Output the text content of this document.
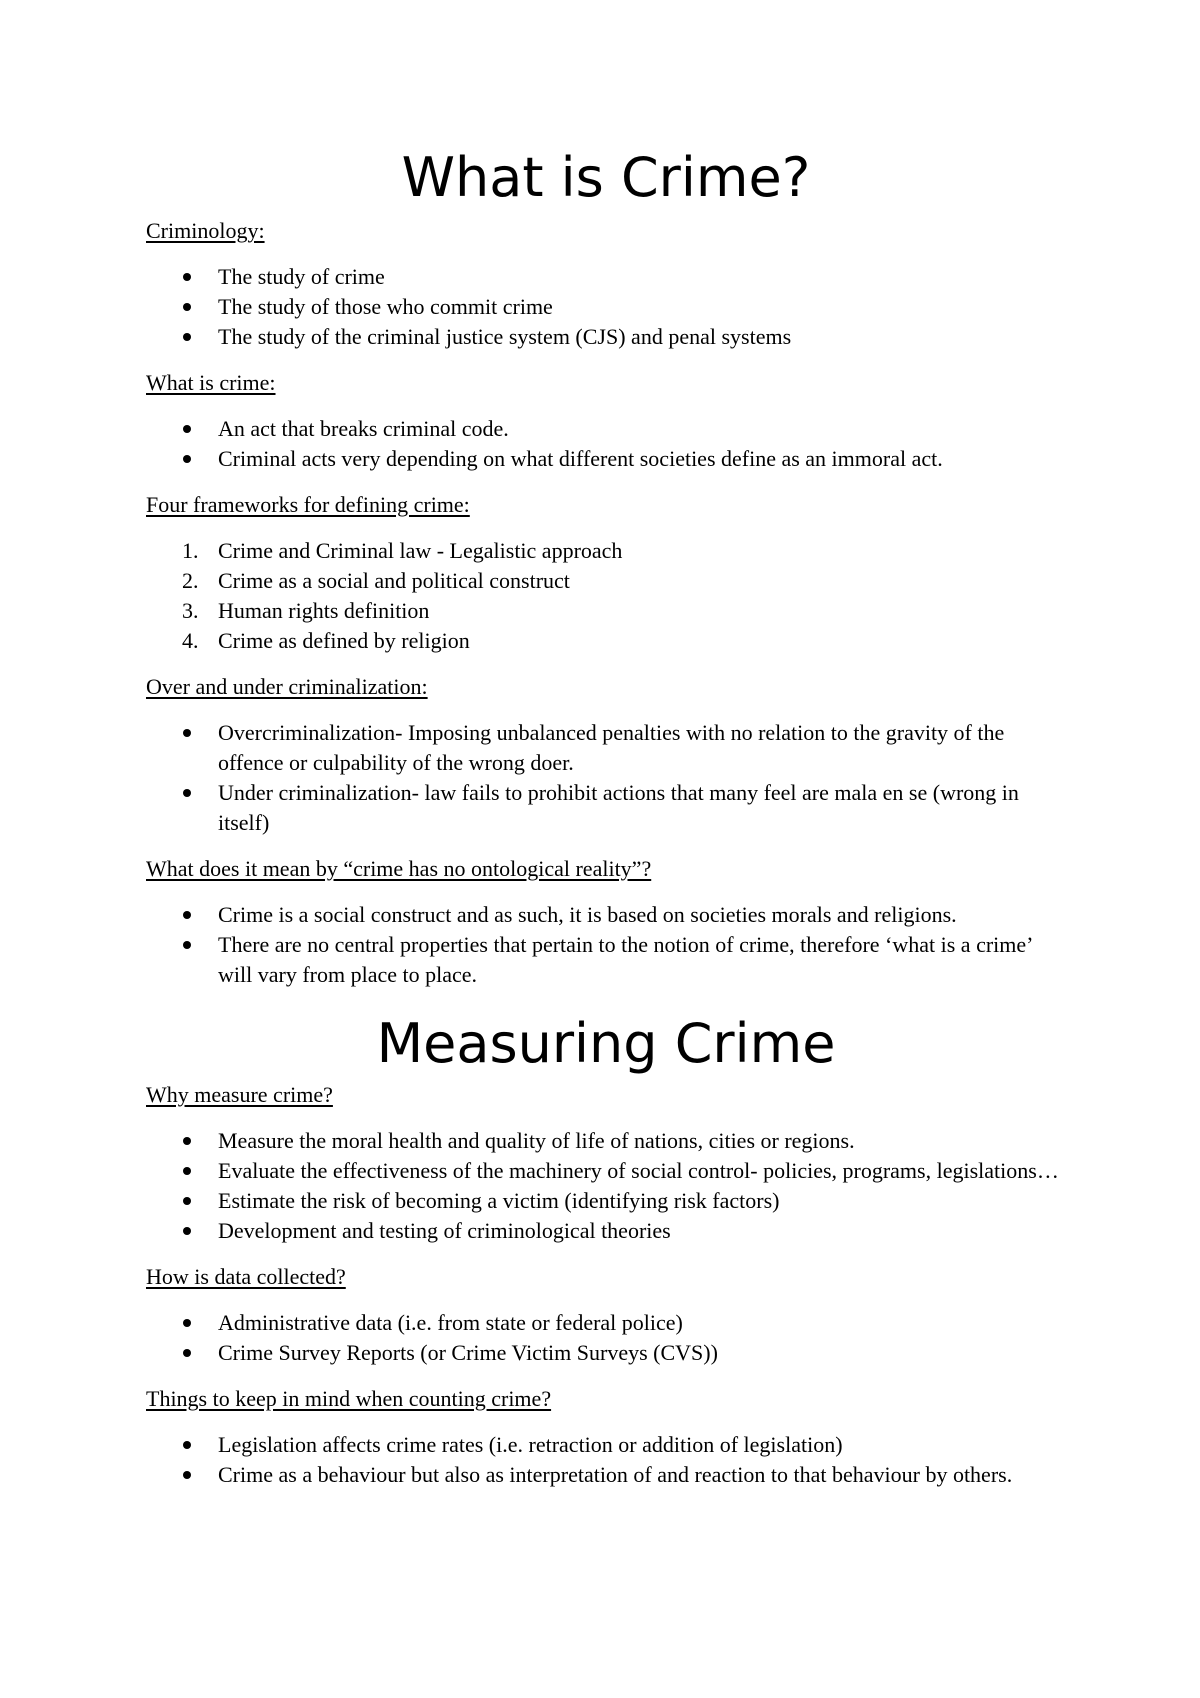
What is Crime?

Criminology:

The study of crime
The study of those who commit crime
The study of the criminal justice system (CJS) and penal systems

What is crime:

An act that breaks criminal code.
Criminal acts very depending on what different societies define as an immoral act.

Four frameworks for defining crime:

1. Crime and Criminal law - Legalistic approach
2. Crime as a social and political construct
3. Human rights definition
4. Crime as defined by religion

Over and under criminalization:

Overcriminalization- Imposing unbalanced penalties with no relation to the gravity of the offence or culpability of the wrong doer.
Under criminalization- law fails to prohibit actions that many feel are mala en se (wrong in itself)

What does it mean by “crime has no ontological reality”?

Crime is a social construct and as such, it is based on societies morals and religions.
There are no central properties that pertain to the notion of crime, therefore ‘what is a crime’ will vary from place to place.
Measuring Crime

Why measure crime?

Measure the moral health and quality of life of nations, cities or regions.
Evaluate the effectiveness of the machinery of social control- policies, programs, legislations…
Estimate the risk of becoming a victim (identifying risk factors)
Development and testing of criminological theories

How is data collected?

Administrative data (i.e. from state or federal police)
Crime Survey Reports (or Crime Victim Surveys (CVS))

Things to keep in mind when counting crime?

Legislation affects crime rates (i.e. retraction or addition of legislation)
Crime as a behaviour but also as interpretation of and reaction to that behaviour by others.
